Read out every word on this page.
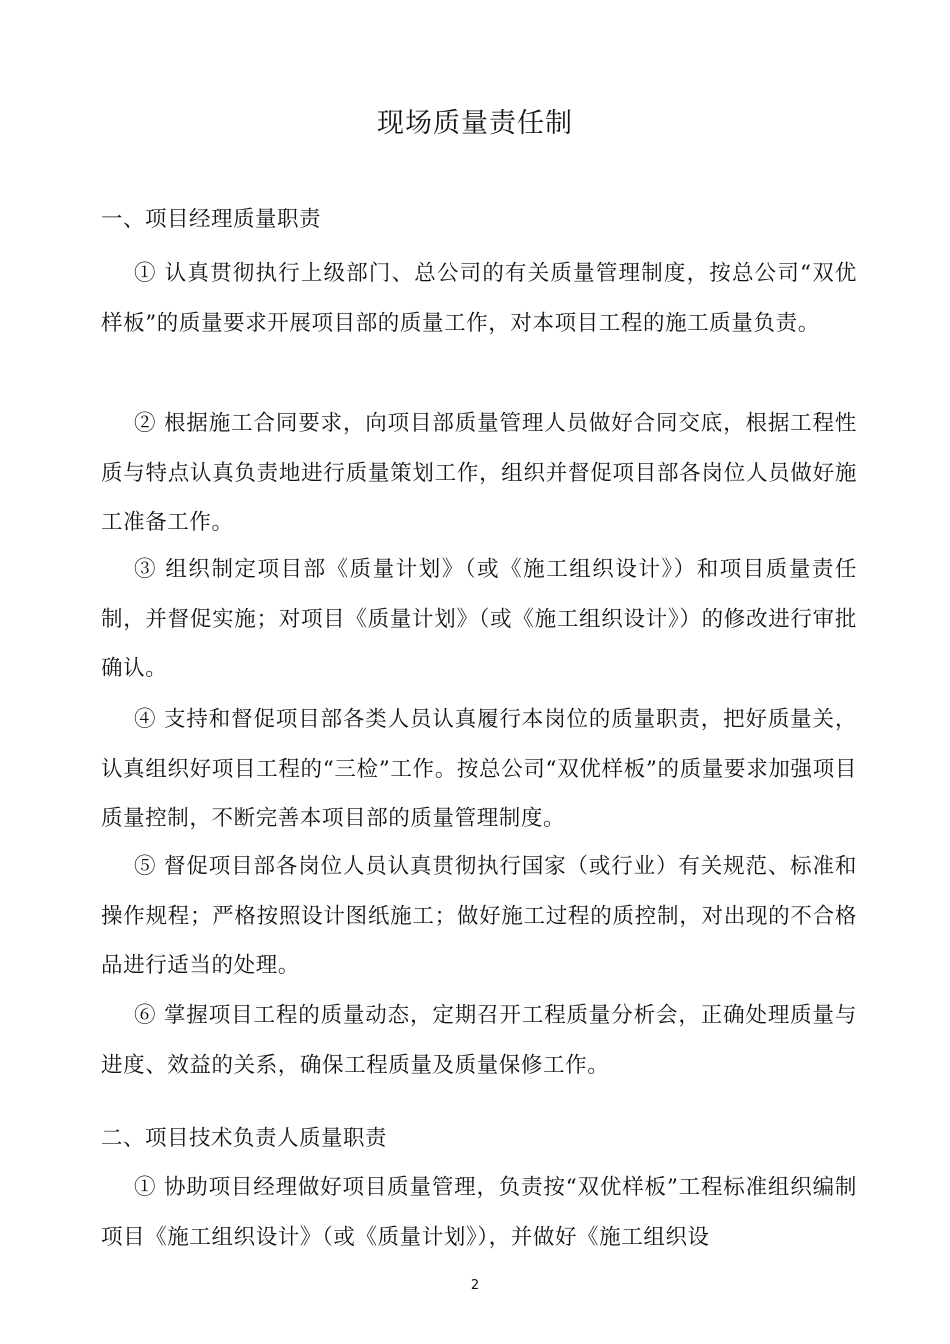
现场质量责任制
一、项目经理质量职责
① 认真贯彻执行上级部门、总公司的有关质量管理制度，按总公司“双优样板”的质量要求开展项目部的质量工作，对本项目工程的施工质量负责。
② 根据施工合同要求，向项目部质量管理人员做好合同交底，根据工程性质与特点认真负责地进行质量策划工作，组织并督促项目部各岗位人员做好施工准备工作。
③ 组织制定项目部《质量计划》（或《施工组织设计》）和项目质量责任制，并督促实施；对项目《质量计划》（或《施工组织设计》）的修改进行审批确认。
④ 支持和督促项目部各类人员认真履行本岗位的质量职责，把好质量关，认真组织好项目工程的“三检”工作。按总公司“双优样板”的质量要求加强项目质量控制，不断完善本项目部的质量管理制度。
⑤ 督促项目部各岗位人员认真贯彻执行国家（或行业）有关规范、标准和操作规程；严格按照设计图纸施工；做好施工过程的质控制，对出现的不合格品进行适当的处理。
⑥ 掌握项目工程的质量动态，定期召开工程质量分析会，正确处理质量与进度、效益的关系，确保工程质量及质量保修工作。
二、项目技术负责人质量职责
① 协助项目经理做好项目质量管理，负责按“双优样板”工程标准组织编制项目《施工组织设计》（或《质量计划》），并做好《施工组织设
2
